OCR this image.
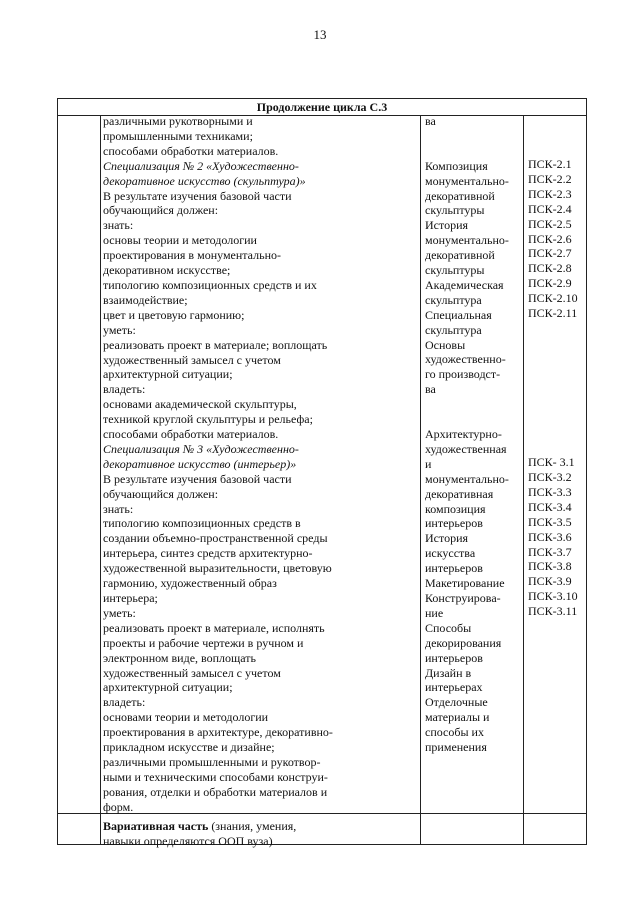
13
Продолжение цикла С.3
различными рукотворными и
промышленными техниками;
способами обработки материалов.
Специализация № 2 «Художественно-
декоративное искусство (скульптура)»
В результате изучения базовой части
обучающийся должен:
знать:
основы теории и методологии
проектирования в монументально-
декоративном искусстве;
типологию композиционных средств и их
взаимодействие;
цвет и цветовую гармонию;
уметь:
реализовать проект в материале; воплощать
художественный замысел с учетом
архитектурной ситуации;
владеть:
основами академической скульптуры,
техникой круглой скульптуры и рельефа;
способами обработки материалов.
Специализация № 3 «Художественно-
декоративное искусство (интерьер)»
В результате изучения базовой части
обучающийся должен:
знать:
типологию композиционных средств в
создании объемно-пространственной среды
интерьера, синтез средств архитектурно-
художественной выразительности, цветовую
гармонию, художественный образ
интерьера;
уметь:
реализовать проект в материале, исполнять
проекты и рабочие чертежи в ручном и
электронном виде, воплощать
художественный замысел с учетом
архитектурной ситуации;
владеть:
основами теории и методологии
проектирования в архитектуре, декоративно-
прикладном искусстве и дизайне;
различными промышленными и рукотвор-
ными и техническими способами конструи-
рования, отделки и обработки материалов и
форм.
Вариативная часть (знания, умения,
навыки определяются ООП вуза)
ва
Композиция
монументально-
декоративной
скульптуры
История
монументально-
декоративной
скульптуры
Академическая
скульптура
Специальная
скульптура
Основы
художественно-
го производст-
ва
Архитектурно-
художественная
и
монументально-
декоративная
композиция
интерьеров
История
искусства
интерьеров
Макетирование
Конструирова-
ние
Способы
декорирования
интерьеров
Дизайн в
интерьерах
Отделочные
материалы и
способы их
применения
ПСК-2.1
ПСК-2.2
ПСК-2.3
ПСК-2.4
ПСК-2.5
ПСК-2.6
ПСК-2.7
ПСК-2.8
ПСК-2.9
ПСК-2.10
ПСК-2.11
ПСК- 3.1
ПСК-3.2
ПСК-3.3
ПСК-3.4
ПСК-3.5
ПСК-3.6
ПСК-3.7
ПСК-3.8
ПСК-3.9
ПСК-3.10
ПСК-3.11
